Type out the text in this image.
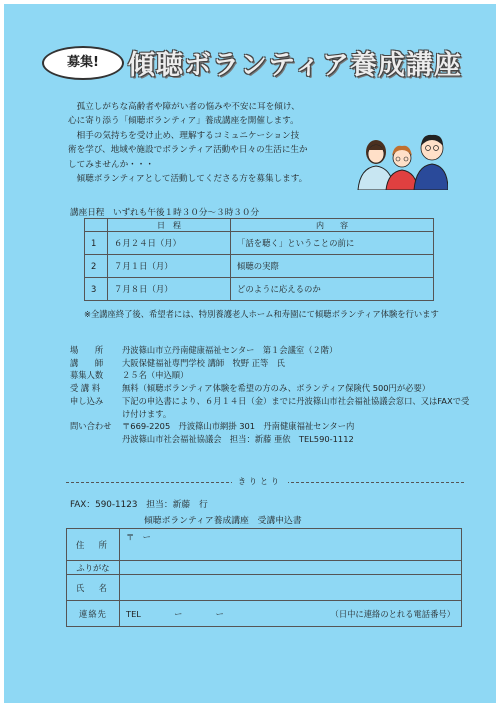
募集!	傾聴ボランティア養成講座

孤立しがちな高齢者や障がい者の悩みや不安に耳を傾け、

心に寄り添う「傾聴ボランティア」養成講座を開催します。

相手の気持ちを受け止め、理解するコミュニケーション技

術を学び、地域や施設でボランティア活動や日々の生活に生か

してみませんか・・・

傾聴ボランティアとして活動してくださる方を募集します。

講座日程　いずれも午後１時３０分～３時３０分
	日　程	内　　容
1	６月２４日（月）	「話を聴く」ということの前に
2	７月１日（月）	傾聴の実際
3	７月８日（月）	どのように応えるのか
※全講座終了後、希望者には、特別養護老人ホーム和寿園にて傾聴ボランティア体験を行います
場　　所	丹波篠山市立丹南健康福祉センター　第１会議室（２階）
講　　師	大阪保健福祉専門学校 講師　牧野 正等　氏
募集人数	２５名（申込順）
受 講 料	無料（傾聴ボランティア体験を希望の方のみ、ボランティア保険代 500円が必要）
申し込み	下記の申込書により、６月１４日（金）までに丹波篠山市社会福祉協議会窓口、又はFAXで受け付けます。
問い合わせ	〒669-2205　丹波篠山市網掛 301　丹南健康福祉センター内
丹波篠山市社会福祉協議会　担当：新藤 亜依　TEL590-1112
きりとり
FAX：590-1123　担当：新藤　行
傾聴ボランティア養成講座　受講申込書
住　所	〒　ー
ふりがな	
氏　名	
連絡先	TEL　　　　ー　　　　ー （日中に連絡のとれる電話番号）
